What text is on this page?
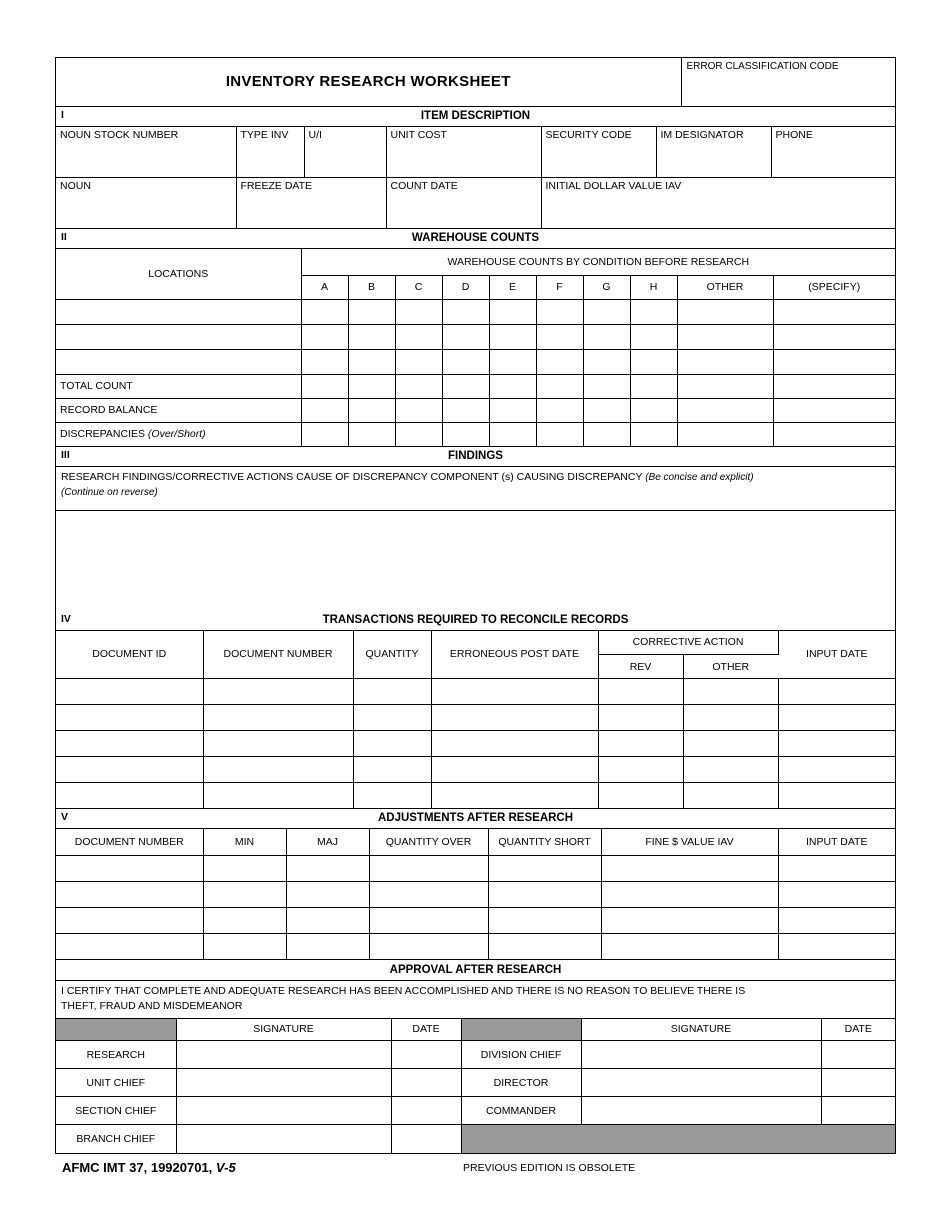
INVENTORY RESEARCH WORKSHEET	ERROR CLASSIFICATION CODE
I	ITEM DESCRIPTION
NOUN STOCK NUMBER	TYPE INV	U/I	UNIT COST	SECURITY CODE	IM DESIGNATOR	PHONE
NOUN	FREEZE DATE		COUNT DATE	INITIAL DOLLAR VALUE IAV		
II	WAREHOUSE COUNTS
LOCATIONS	WAREHOUSE COUNTS BY CONDITION BEFORE RESEARCH									
	A	B	C	D	E	F	G	H	OTHER	(SPECIFY)

TOTAL COUNT										
RECORD BALANCE										
DISCREPANCIES (Over/Short)										
III	FINDINGS
RESEARCH FINDINGS/CORRECTIVE ACTIONS CAUSE OF DISCREPANCY COMPONENT (s) CAUSING DISCREPANCY (Be concise and explicit)
(Continue on reverse)
IV	TRANSACTIONS REQUIRED TO RECONCILE RECORDS
DOCUMENT ID	DOCUMENT NUMBER	QUANTITY	ERRONEOUS POST DATE	CORRECTIVE ACTION		INPUT DATE
				REV	OTHER	

V	ADJUSTMENTS AFTER RESEARCH
DOCUMENT NUMBER	MIN	MAJ	QUANTITY OVER	QUANTITY SHORT	FINE $ VALUE IAV	INPUT DATE

APPROVAL AFTER RESEARCH
I CERTIFY THAT COMPLETE AND ADEQUATE RESEARCH HAS BEEN ACCOMPLISHED AND THERE IS NO REASON TO BELIEVE THERE IS
THEFT, FRAUD AND MISDEMEANOR
	SIGNATURE	DATE		SIGNATURE	DATE
RESEARCH			DIVISION CHIEF		
UNIT CHIEF			DIRECTOR		
SECTION CHIEF			COMMANDER		
BRANCH CHIEF					
AFMC IMT 37, 19920701, V-5	PREVIOUS EDITION IS OBSOLETE
